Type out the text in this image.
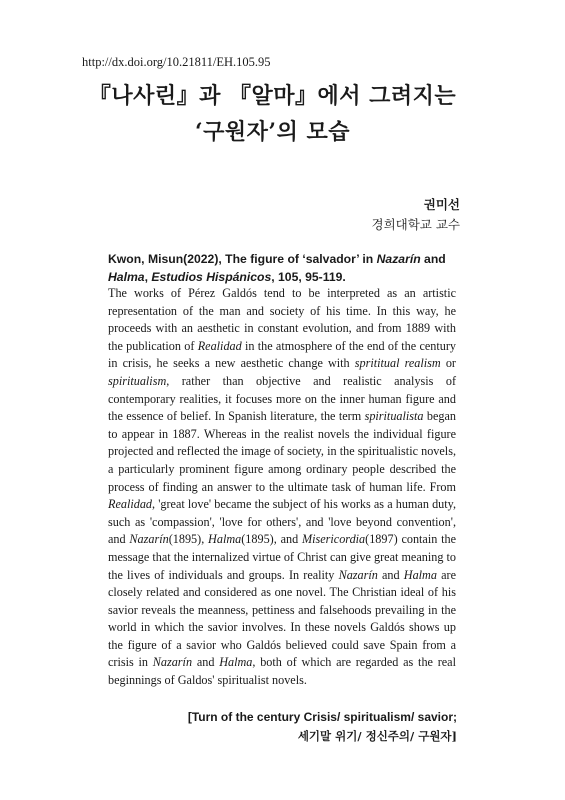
http://dx.doi.org/10.21811/EH.105.95
『나사린』과 『알마』에서 그려지는
‘구원자’의 모습
권미선
경희대학교 교수
Kwon, Misun(2022), The figure of ‘salvador’ in Nazarín and Halma, Estudios Hispánicos, 105, 95-119.

The works of Pérez Galdós tend to be interpreted as an artistic representation of the man and society of his time. In this way, he proceeds with an aesthetic in constant evolution, and from 1889 with the publication of Realidad in the atmosphere of the end of the century in crisis, he seeks a new aesthetic change with sprititual realism or spiritualism, rather than objective and realistic analysis of contemporary realities, it focuses more on the inner human figure and the essence of belief. In Spanish literature, the term spiritualista began to appear in 1887. Whereas in the realist novels the individual figure projected and reflected the image of society, in the spiritualistic novels, a particularly prominent figure among ordinary people described the process of finding an answer to the ultimate task of human life. From Realidad, 'great love' became the subject of his works as a human duty, such as 'compassion', 'love for others', and 'love beyond convention', and Nazarín(1895), Halma(1895), and Misericordia(1897) contain the message that the internalized virtue of Christ can give great meaning to the lives of individuals and groups. In reality Nazarín and Halma are closely related and considered as one novel. The Christian ideal of his savior reveals the meanness, pettiness and falsehoods prevailing in the world in which the savior involves. In these novels Galdós shows up the figure of a savior who Galdós believed could save Spain from a crisis in Nazarín and Halma, both of which are regarded as the real beginnings of Galdos' spiritualist novels.

[Turn of the century Crisis/ spiritualism/ savior;
세기말 위기/ 정신주의/ 구원자]
